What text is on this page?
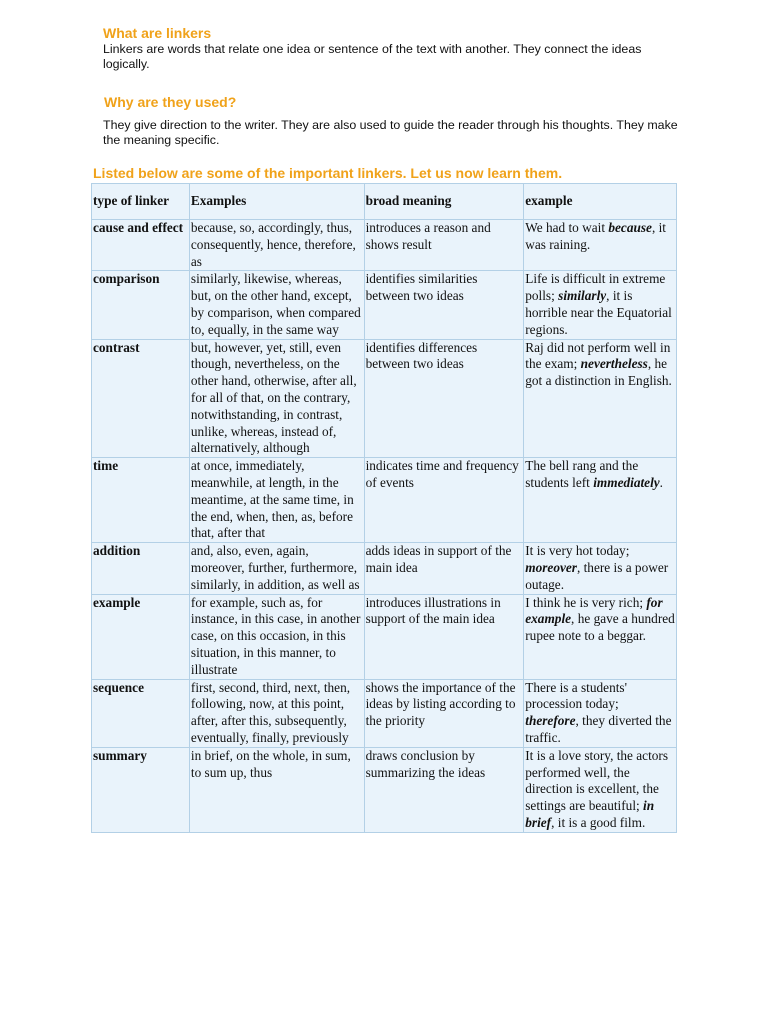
What are linkers
Linkers are words that relate one idea or sentence of the text with another. They connect the ideas logically.
Why are they used?
They give direction to the writer. They are also used to guide the reader through his thoughts. They make the meaning specific.
Listed below are some of the important linkers. Let us now learn them.
type of linker	Examples	broad meaning	example
cause and effect	because, so, accordingly, thus, consequently, hence, therefore, as	introduces a reason and shows result	We had to wait because, it was raining.
comparison	similarly, likewise, whereas, but, on the other hand, except, by comparison, when compared to, equally, in the same way	identifies similarities between two ideas	Life is difficult in extreme polls; similarly, it is horrible near the Equatorial regions.
contrast	but, however, yet, still, even though, nevertheless, on the other hand, otherwise, after all, for all of that, on the contrary, notwithstanding, in contrast, unlike, whereas, instead of, alternatively, although	identifies differences between two ideas	Raj did not perform well in the exam; nevertheless, he got a distinction in English.
time	at once, immediately, meanwhile, at length, in the meantime, at the same time, in the end, when, then, as, before that, after that	indicates time and frequency of events	The bell rang and the students left immediately.
addition	and, also, even, again, moreover, further, furthermore, similarly, in addition, as well as	adds ideas in support of the main idea	It is very hot today; moreover, there is a power outage.
example	for example, such as, for instance, in this case, in another case, on this occasion, in this situation, in this manner, to illustrate	introduces illustrations in support of the main idea	I think he is very rich; for example, he gave a hundred rupee note to a beggar.
sequence	first, second, third, next, then, following, now, at this point, after, after this, subsequently, eventually, finally, previously	shows the importance of the ideas by listing according to the priority	There is a students' procession today; therefore, they diverted the traffic.
summary	in brief, on the whole, in sum, to sum up, thus	draws conclusion by summarizing the ideas	It is a love story, the actors performed well, the direction is excellent, the settings are beautiful; in brief, it is a good film.
